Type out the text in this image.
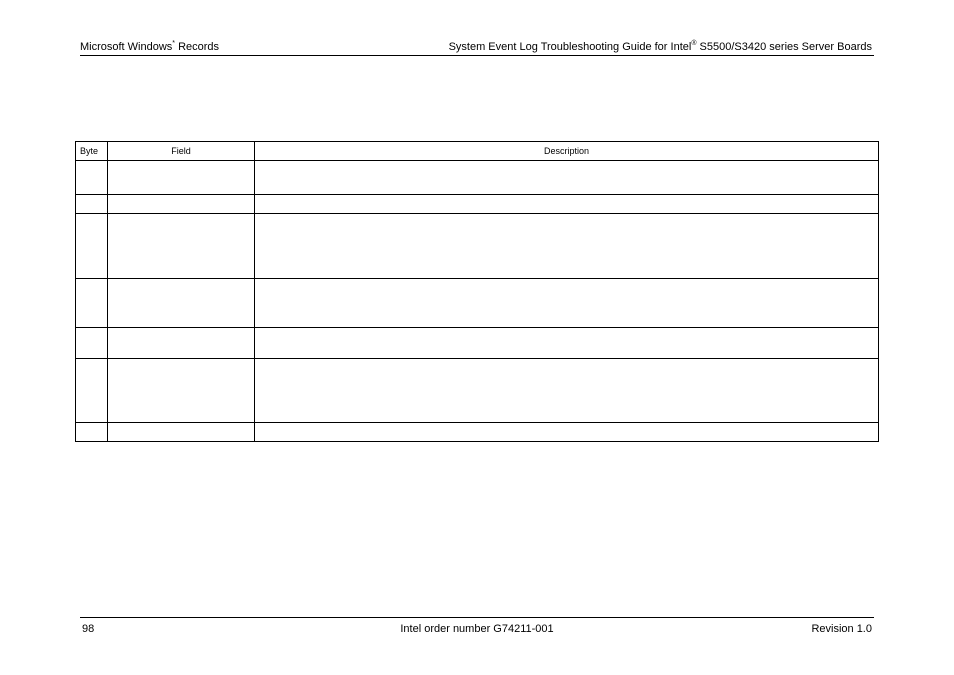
Microsoft Windows* Records	System Event Log Troubleshooting Guide for Intel® S5500/S3420 series Server Boards
Byte	Field	Description

98	Intel order number G74211-001	Revision 1.0
